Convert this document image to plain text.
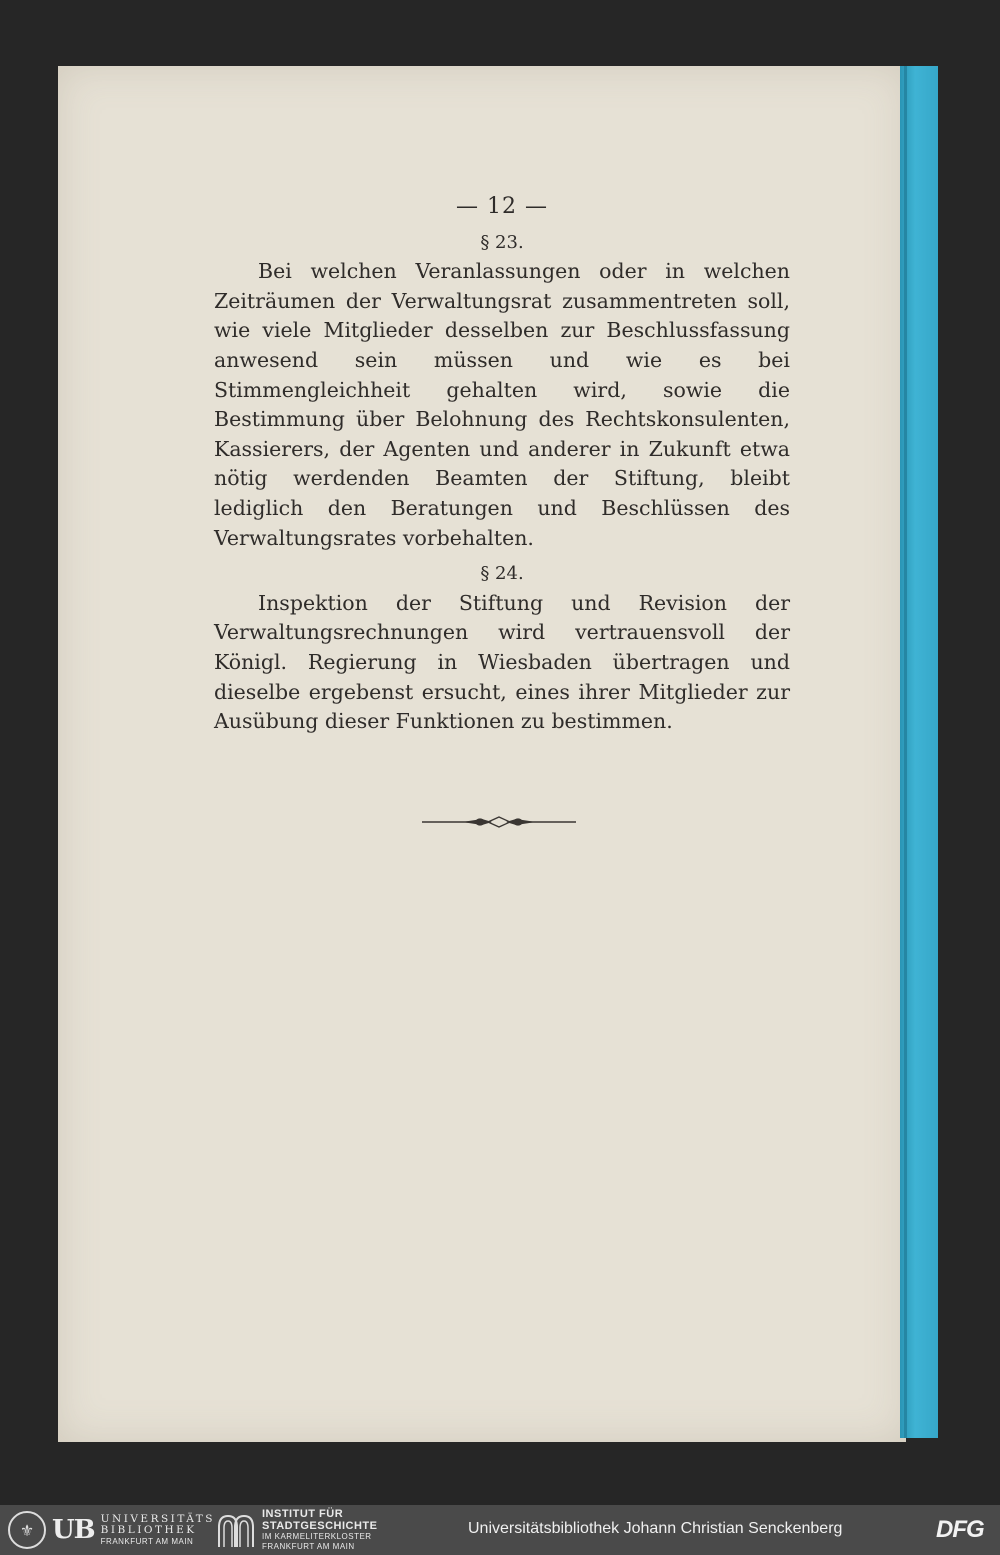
— 12 —
§ 23.

Bei welchen Veranlassungen oder in welchen Zeiträumen der Verwaltungsrat zusammentreten soll, wie viele Mitglieder desselben zur Beschlussfassung anwesend sein müssen und wie es bei Stimmengleichheit gehalten wird, sowie die Bestimmung über Belohnung des Rechtskonsulenten, Kassierers, der Agenten und anderer in Zukunft etwa nötig werdenden Beamten der Stiftung, bleibt lediglich den Beratungen und Beschlüssen des Verwaltungsrates vorbehalten.

§ 24.

Inspektion der Stiftung und Revision der Verwaltungsrechnungen wird vertrauensvoll der Königl. Regierung in Wiesbaden übertragen und dieselbe ergebenst ersucht, eines ihrer Mitglieder zur Ausübung dieser Funktionen zu bestimmen.

⚜ UB UNIVERSITÄTS
BIBLIOTHEK
FRANKFURT AM MAIN
INSTITUT FÜR
STADTGESCHICHTE
IM KARMELITERKLOSTER
FRANKFURT AM MAIN
Universitätsbibliothek Johann Christian Senckenberg	DFG
